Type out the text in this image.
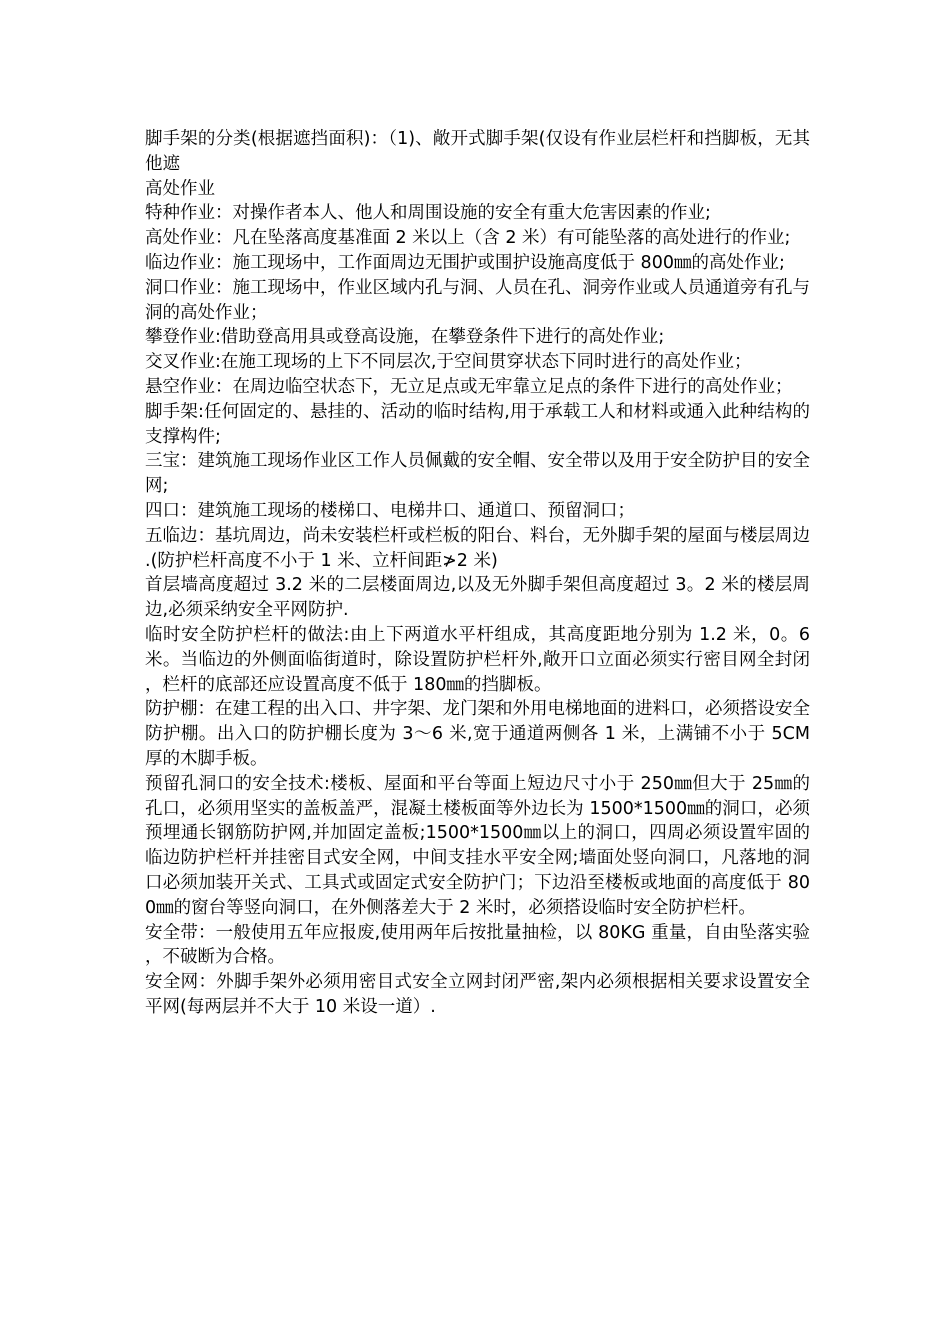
脚手架的分类(根据遮挡面积)：（1)、敞开式脚手架(仅设有作业层栏杆和挡脚板，无其他遮

高处作业

特种作业：对操作者本人、他人和周围设施的安全有重大危害因素的作业;

高处作业：凡在坠落高度基准面 2 米以上（含 2 米）有可能坠落的高处进行的作业;

临边作业：施工现场中，工作面周边无围护或围护设施高度低于 800㎜的高处作业;

洞口作业：施工现场中，作业区域内孔与洞、人员在孔、洞旁作业或人员通道旁有孔与洞的高处作业；

攀登作业:借助登高用具或登高设施，在攀登条件下进行的高处作业;

交叉作业:在施工现场的上下不同层次,于空间贯穿状态下同时进行的高处作业；

悬空作业：在周边临空状态下，无立足点或无牢靠立足点的条件下进行的高处作业；

脚手架:任何固定的、悬挂的、活动的临时结构,用于承载工人和材料或通入此种结构的支撑构件;

三宝：建筑施工现场作业区工作人员佩戴的安全帽、安全带以及用于安全防护目的安全网;

四口：建筑施工现场的楼梯口、电梯井口、通道口、预留洞口；

五临边：基坑周边，尚未安装栏杆或栏板的阳台、料台，无外脚手架的屋面与楼层周边.(防护栏杆高度不小于 1 米、立杆间距≯2 米)

首层墙高度超过 3.2 米的二层楼面周边,以及无外脚手架但高度超过 3。2 米的楼层周边,必须采纳安全平网防护.

临时安全防护栏杆的做法:由上下两道水平杆组成，其高度距地分别为 1.2 米，0。6 米。当临边的外侧面临街道时，除设置防护栏杆外,敞开口立面必须实行密目网全封闭，栏杆的底部还应设置高度不低于 180㎜的挡脚板。

防护棚：在建工程的出入口、井字架、龙门架和外用电梯地面的进料口，必须搭设安全防护棚。出入口的防护棚长度为 3～6 米,宽于通道两侧各 1 米，上满铺不小于 5CM 厚的木脚手板。

预留孔洞口的安全技术:楼板、屋面和平台等面上短边尺寸小于 250㎜但大于 25㎜的孔口，必须用坚实的盖板盖严，混凝土楼板面等外边长为 1500*1500㎜的洞口，必须预埋通长钢筋防护网,并加固定盖板;1500*1500㎜以上的洞口，四周必须设置牢固的临边防护栏杆并挂密目式安全网，中间支挂水平安全网;墙面处竖向洞口，凡落地的洞口必须加装开关式、工具式或固定式安全防护门；下边沿至楼板或地面的高度低于 800㎜的窗台等竖向洞口，在外侧落差大于 2 米时，必须搭设临时安全防护栏杆。

安全带：一般使用五年应报废,使用两年后按批量抽检，以 80KG 重量，自由坠落实验，不破断为合格。

安全网：外脚手架外必须用密目式安全立网封闭严密,架内必须根据相关要求设置安全平网(每两层并不大于 10 米设一道）.
